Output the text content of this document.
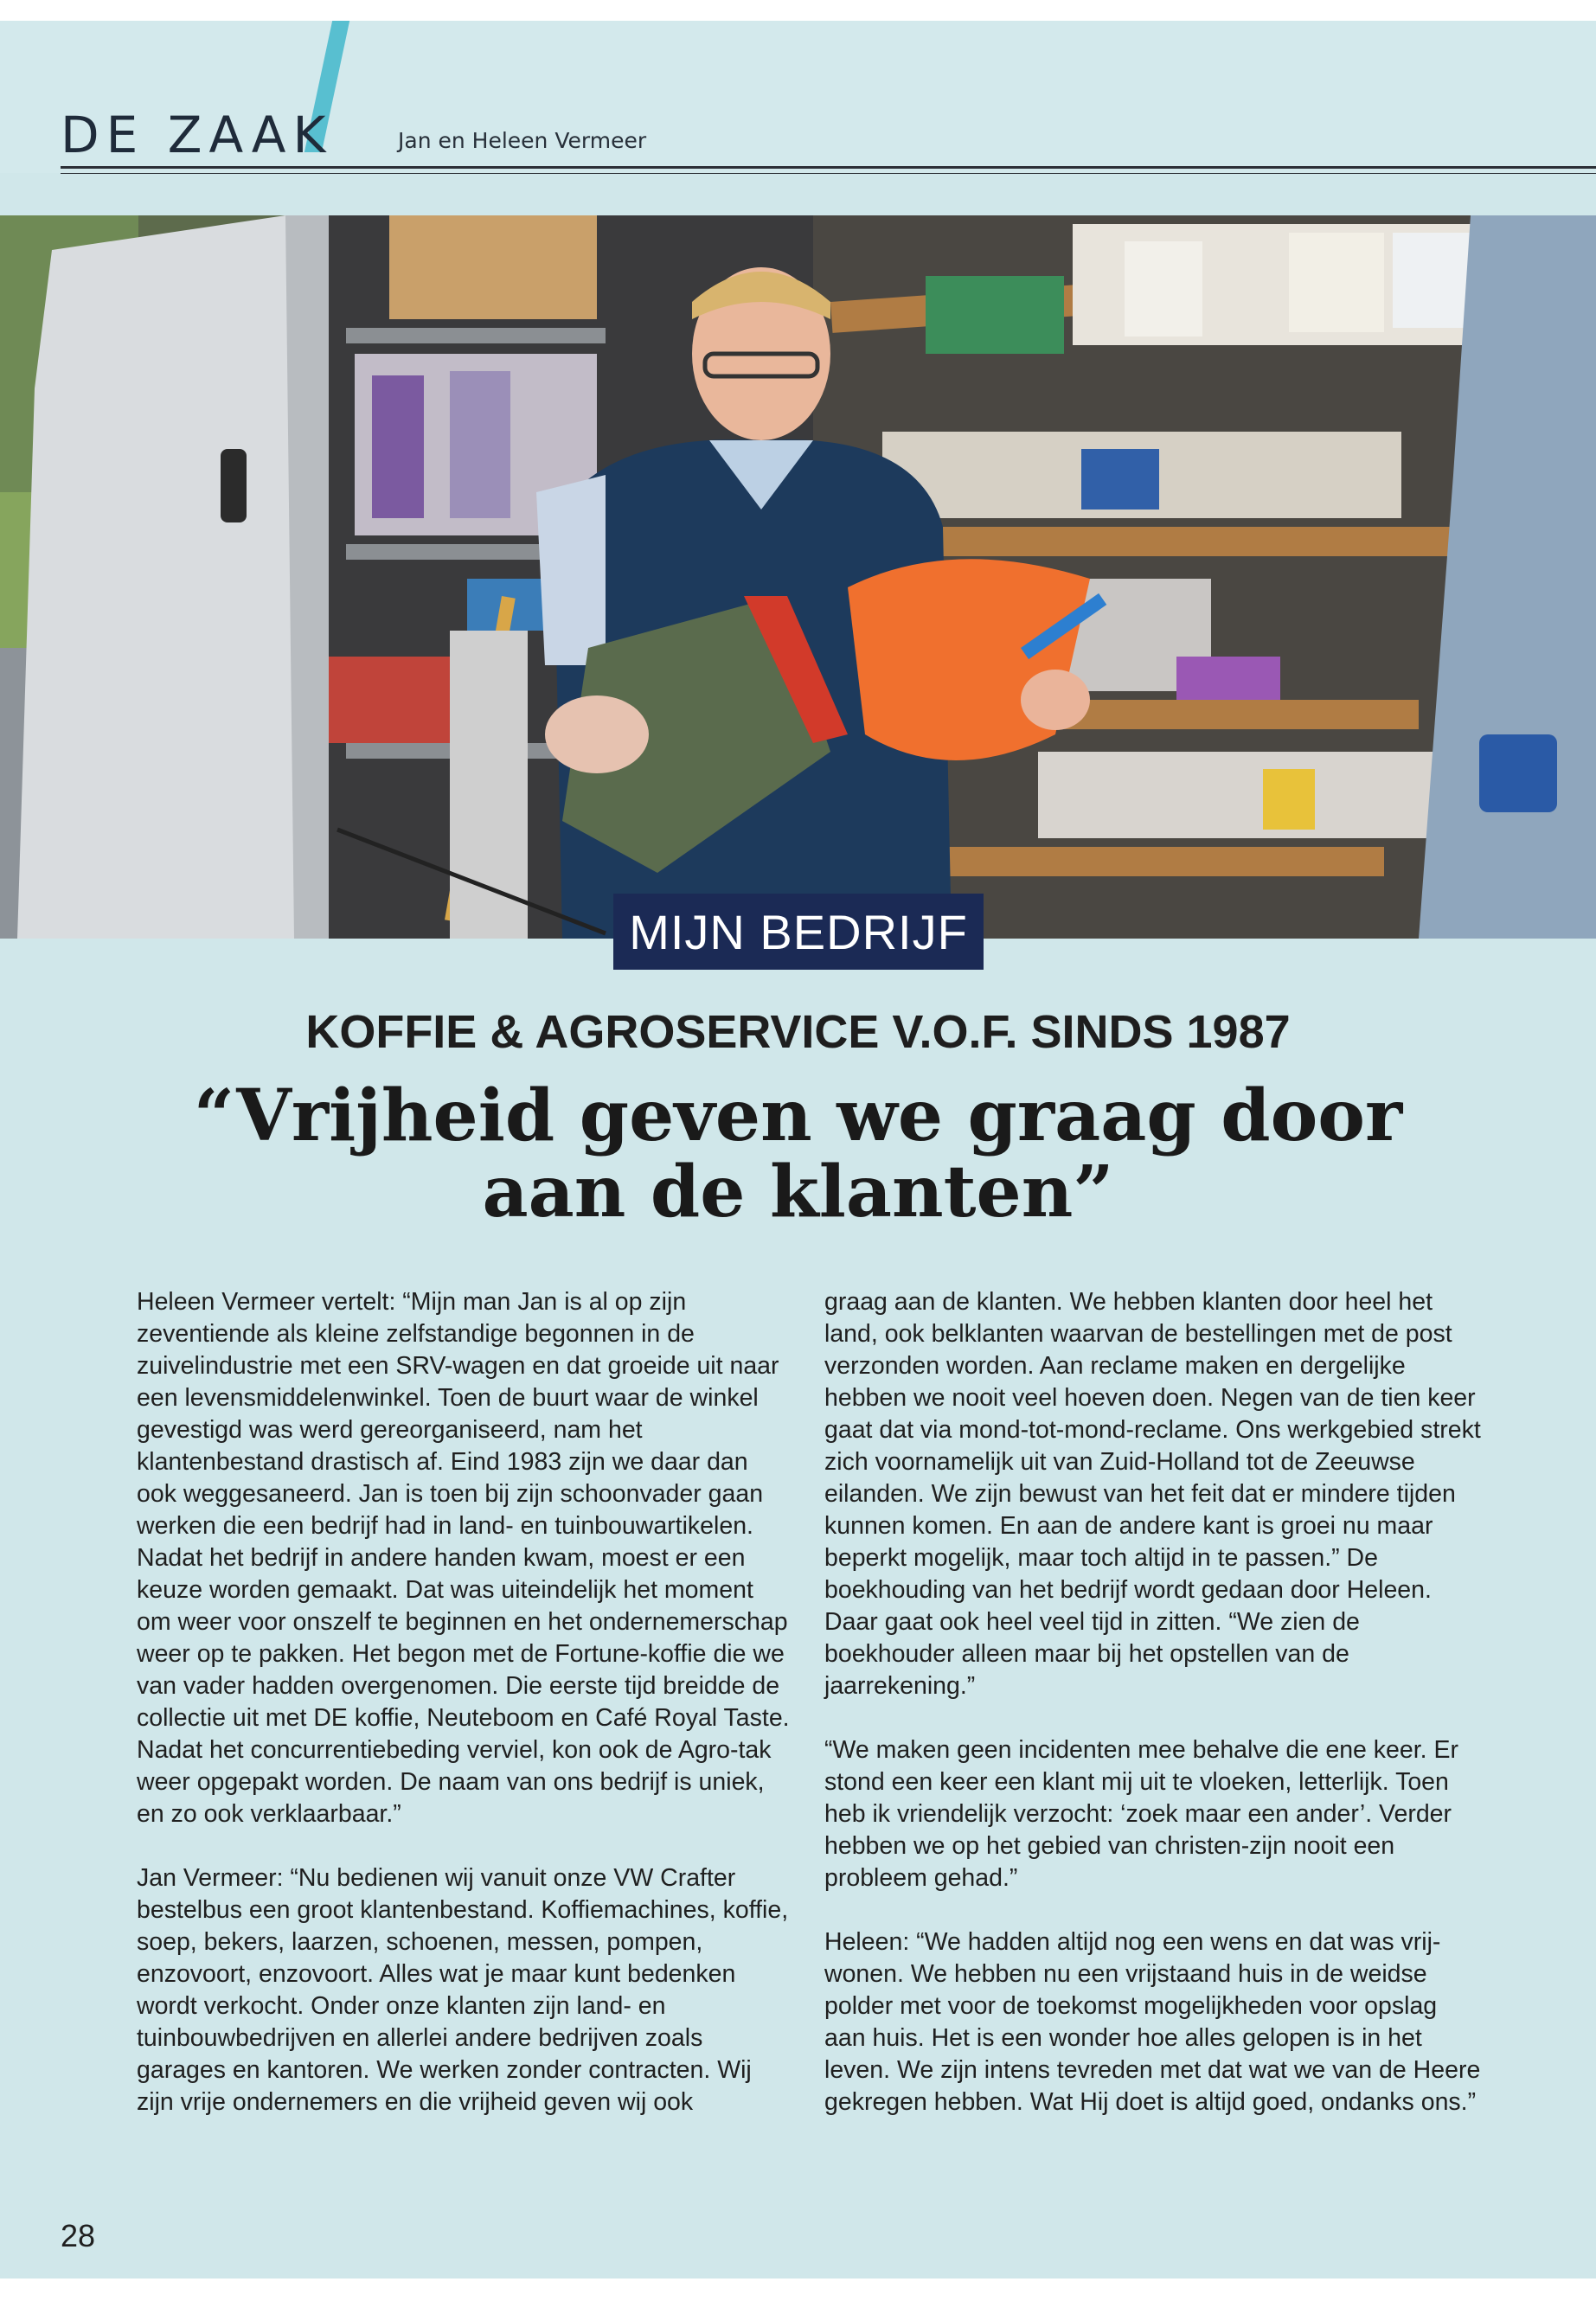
DE ZAAK	Jan en Heleen Vermeer
MIJN BEDRIJF
KOFFIE & AGROSERVICE V.O.F. SINDS 1987
“Vrijheid geven we graag door
aan de klanten”

Heleen Vermeer vertelt: “Mijn man Jan is al op zijn zeventiende als kleine zelfstandige begonnen in de zuivelindustrie met een SRV-wagen en dat groeide uit naar een levensmiddelenwinkel. Toen de buurt waar de winkel gevestigd was werd gereorganiseerd, nam het klantenbestand drastisch af. Eind 1983 zijn we daar dan ook weggesaneerd. Jan is toen bij zijn schoonvader gaan werken die een bedrijf had in land- en tuinbouwartikelen. Nadat het bedrijf in andere handen kwam, moest er een keuze worden gemaakt. Dat was uiteindelijk het moment om weer voor onszelf te beginnen en het ondernemerschap weer op te pakken. Het begon met de Fortune-koffie die we van vader hadden overgenomen. Die eerste tijd breidde de collectie uit met DE koffie, Neuteboom en Café Royal Taste. Nadat het concurrentiebeding verviel, kon ook de Agro-tak weer opgepakt worden. De naam van ons bedrijf is uniek, en zo ook verklaarbaar.”

Jan Vermeer: “Nu bedienen wij vanuit onze VW Crafter bestelbus een groot klantenbestand. Koffiemachines, koffie, soep, bekers, laarzen, schoenen, messen, pompen, enzovoort, enzovoort. Alles wat je maar kunt bedenken wordt verkocht. Onder onze klanten zijn land- en tuinbouwbedrijven en allerlei andere bedrijven zoals garages en kantoren. We werken zonder contracten. Wij zijn vrije ondernemers en die vrijheid geven wij ook

graag aan de klanten. We hebben klanten door heel het land, ook belklanten waarvan de bestellingen met de post verzonden worden. Aan reclame maken en dergelijke hebben we nooit veel hoeven doen. Negen van de tien keer gaat dat via mond-tot-mond-reclame. Ons werkgebied strekt zich voornamelijk uit van Zuid-Holland tot de Zeeuwse eilanden. We zijn bewust van het feit dat er mindere tijden kunnen komen. En aan de andere kant is groei nu maar beperkt mogelijk, maar toch altijd in te passen.” De boekhouding van het bedrijf wordt gedaan door Heleen. Daar gaat ook heel veel tijd in zitten. “We zien de boekhouder alleen maar bij het opstellen van de jaarrekening.”

“We maken geen incidenten mee behalve die ene keer. Er stond een keer een klant mij uit te vloeken, letterlijk. Toen heb ik vriendelijk verzocht: ‘zoek maar een ander’. Verder hebben we op het gebied van christen-zijn nooit een probleem gehad.”

Heleen: “We hadden altijd nog een wens en dat was vrij-wonen. We hebben nu een vrijstaand huis in de weidse polder met voor de toekomst mogelijkheden voor opslag aan huis. Het is een wonder hoe alles gelopen is in het leven. We zijn intens tevreden met dat wat we van de Heere gekregen hebben. Wat Hij doet is altijd goed, ondanks ons.”

28
